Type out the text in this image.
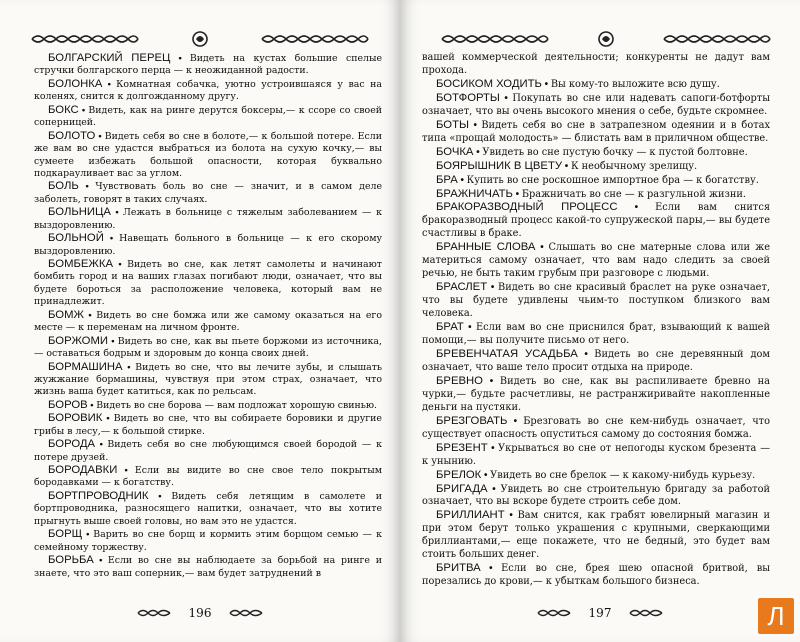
БОЛГАРСКИЙ ПЕРЕЦ • Видеть на кустах большие спелые стручки болгарского перца — к неожиданной радости.

БОЛОНКА • Комнатная собачка, уютно устроившаяся у вас на коленях, снится к долгожданному другу.

БОКС • Видеть, как на ринге дерутся боксеры,— к ссоре со своей соперницей.

БОЛОТО • Видеть себя во сне в болоте,— к большой потере. Если же вам во сне удастся выбраться из болота на сухую кочку,— вы сумеете избежать большой опасности, которая буквально подкарауливает вас за углом.

БОЛЬ • Чувствовать боль во сне — значит, и в самом деле заболеть, говорят в таких случаях.

БОЛЬНИЦА • Лежать в больнице с тяжелым заболеванием — к выздоровлению.

БОЛЬНОЙ • Навещать больного в больнице — к его скорому выздоровлению.

БОМБЕЖКА • Видеть во сне, как летят самолеты и начинают бомбить город и на ваших глазах погибают люди, означает, что вы будете бороться за расположение человека, который вам не принадлежит.

БОМЖ • Видеть во сне бомжа или же самому оказаться на его месте — к переменам на личном фронте.

БОРЖОМИ • Видеть во сне, как вы пьете боржоми из источника,— оставаться бодрым и здоровым до конца своих дней.

БОРМАШИНА • Видеть во сне, что вы лечите зубы, и слышать жужжание бормашины, чувствуя при этом страх, означает, что жизнь ваша будет катиться, как по рельсам.

БОРОВ • Видеть во сне борова — вам подложат хорошую свинью.

БОРОВИК • Видеть во сне, что вы собираете боровики и другие грибы в лесу,— к большой стирке.

БОРОДА • Видеть себя во сне любующимся своей бородой — к потере друзей.

БОРОДАВКИ • Если вы видите во сне свое тело покрытым бородавками — к богатству.

БОРТПРОВОДНИК • Видеть себя летящим в самолете и бортпроводника, разносящего напитки, означает, что вы хотите прыгнуть выше своей головы, но вам это не удастся.

БОРЩ • Варить во сне борщ и кормить этим борщом семью — к семейному торжеству.

БОРЬБА • Если во сне вы наблюдаете за борьбой на ринге и знаете, что это ваш соперник,— вам будет затруднений в

196

вашей коммерческой деятельности; конкуренты не дадут вам прохода.

БОСИКОМ ХОДИТЬ • Вы кому-то выложите всю душу.

БОТФОРТЫ • Покупать во сне или надевать сапоги-ботфорты означает, что вы очень высокого мнения о себе, будьте скромнее.

БОТЫ • Видеть себя во сне в затрапезном одеянии и в ботах типа «прощай молодость» — блистать вам в приличном обществе.

БОЧКА • Увидеть во сне пустую бочку — к пустой болтовне.

БОЯРЫШНИК В ЦВЕТУ • К необычному зрелищу.

БРА • Купить во сне роскошное импортное бра — к богатству.

БРАЖНИЧАТЬ • Бражничать во сне — к разгульной жизни.

БРАКОРАЗВОДНЫЙ ПРОЦЕСС • Если вам снится бракоразводный процесс какой-то супружеской пары,— вы будете счастливы в браке.

БРАННЫЕ СЛОВА • Слышать во сне матерные слова или же материться самому означает, что вам надо следить за своей речью, не быть таким грубым при разговоре с людьми.

БРАСЛЕТ • Видеть во сне красивый браслет на руке означает, что вы будете удивлены чьим-то поступком близкого вам человека.

БРАТ • Если вам во сне приснился брат, взывающий к вашей помощи,— вы получите письмо от него.

БРЕВЕНЧАТАЯ УСАДЬБА • Видеть во сне деревянный дом означает, что ваше тело просит отдыха на природе.

БРЕВНО • Видеть во сне, как вы распиливаете бревно на чурки,— будьте расчетливы, не растранжиривайте накопленные деньги на пустяки.

БРЕЗГОВАТЬ • Брезговать во сне кем-нибудь означает, что существует опасность опуститься самому до состояния бомжа.

БРЕЗЕНТ • Укрываться во сне от непогоды куском брезента — к унынию.

БРЕЛОК • Увидеть во сне брелок — к какому-нибудь курьезу.

БРИГАДА • Увидеть во сне строительную бригаду за работой означает, что вы вскоре будете строить себе дом.

БРИЛЛИАНТ • Вам снится, как грабят ювелирный магазин и при этом берут только украшения с крупными, сверкающими бриллиантами,— еще покажете, что не бедный, это будет вам стоить больших денег.

БРИТВА • Если во сне, брея шею опасной бритвой, вы порезались до крови,— к убыткам большого бизнеса.

197	Л
